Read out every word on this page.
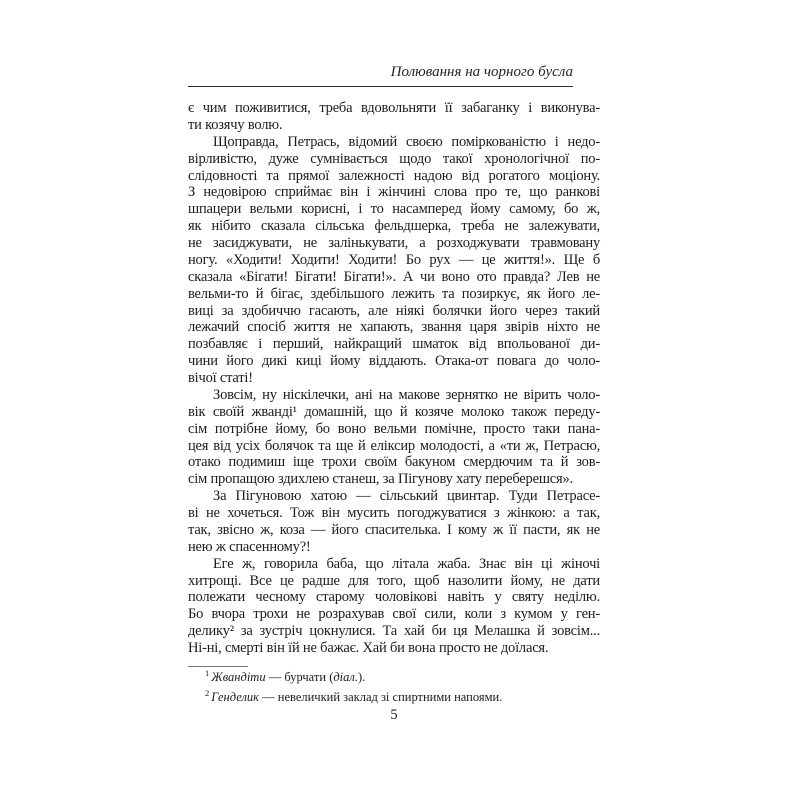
Полювання на чорного бусла
є чим поживитися, треба вдовольняти її забаганку і виконува-
ти козячу волю.
Щоправда, Петрась, відомий своєю поміркованістю і недо-
вірливістю, дуже сумнівається щодо такої хронологічної по-
слідовності та прямої залежності надою від рогатого моціону.
З недовірою сприймає він і жінчині слова про те, що ранкові
шпацери вельми корисні, і то насамперед йому самому, бо ж,
як нібито сказала сільська фельдшерка, треба не залежувати,
не засиджувати, не залінькувати, а розходжувати травмовану
ногу. «Ходити! Ходити! Ходити! Бо рух — це життя!». Ще б
сказала «Бігати! Бігати! Бігати!». А чи воно ото правда? Лев не
вельми-то й бігає, здебільшого лежить та позиркує, як його ле-
виці за здобиччю гасають, але ніякі болячки його через такий
лежачий спосіб життя не хапають, звання царя звірів ніхто не
позбавляє і перший, найкращий шматок від впольованої ди-
чини його дикі киці йому віддають. Отака-от повага до чоло-
вічої статі!
Зовсім, ну ніскілечки, ані на макове зернятко не вірить чоло-
вік своїй жванді¹ домашній, що й козяче молоко також переду-
сім потрібне йому, бо воно вельми помічне, просто таки пана-
цея від усіх болячок та ще й еліксир молодості, а «ти ж, Петрасю,
отако подимиш іще трохи своїм бакуном смердючим та й зов-
сім пропащою здихлею станеш, за Пігунову хату переберешся».
За Пігуновою хатою — сільський цвинтар. Туди Петрасе-
ві не хочеться. Тож він мусить погоджуватися з жінкою: а так,
так, звісно ж, коза — його спасителька. І кому ж її пасти, як не
нею ж спасенному?!
Еге ж, говорила баба, що літала жаба. Знає він ці жіночі
хитрощі. Все це радше для того, щоб назолити йому, не дати
полежати чесному старому чоловікові навіть у святу неділю.
Бо вчора трохи не розрахував свої сили, коли з кумом у ген-
делику² за зустріч цокнулися. Та хай би ця Мелашка й зовсім...
Ні-ні, смерті він їй не бажає. Хай би вона просто не доїлася.
$^1$ Жвандіти — бурчати (діал.).
$^2$ Генделик — невеличкий заклад зі спиртними напоями.
5
